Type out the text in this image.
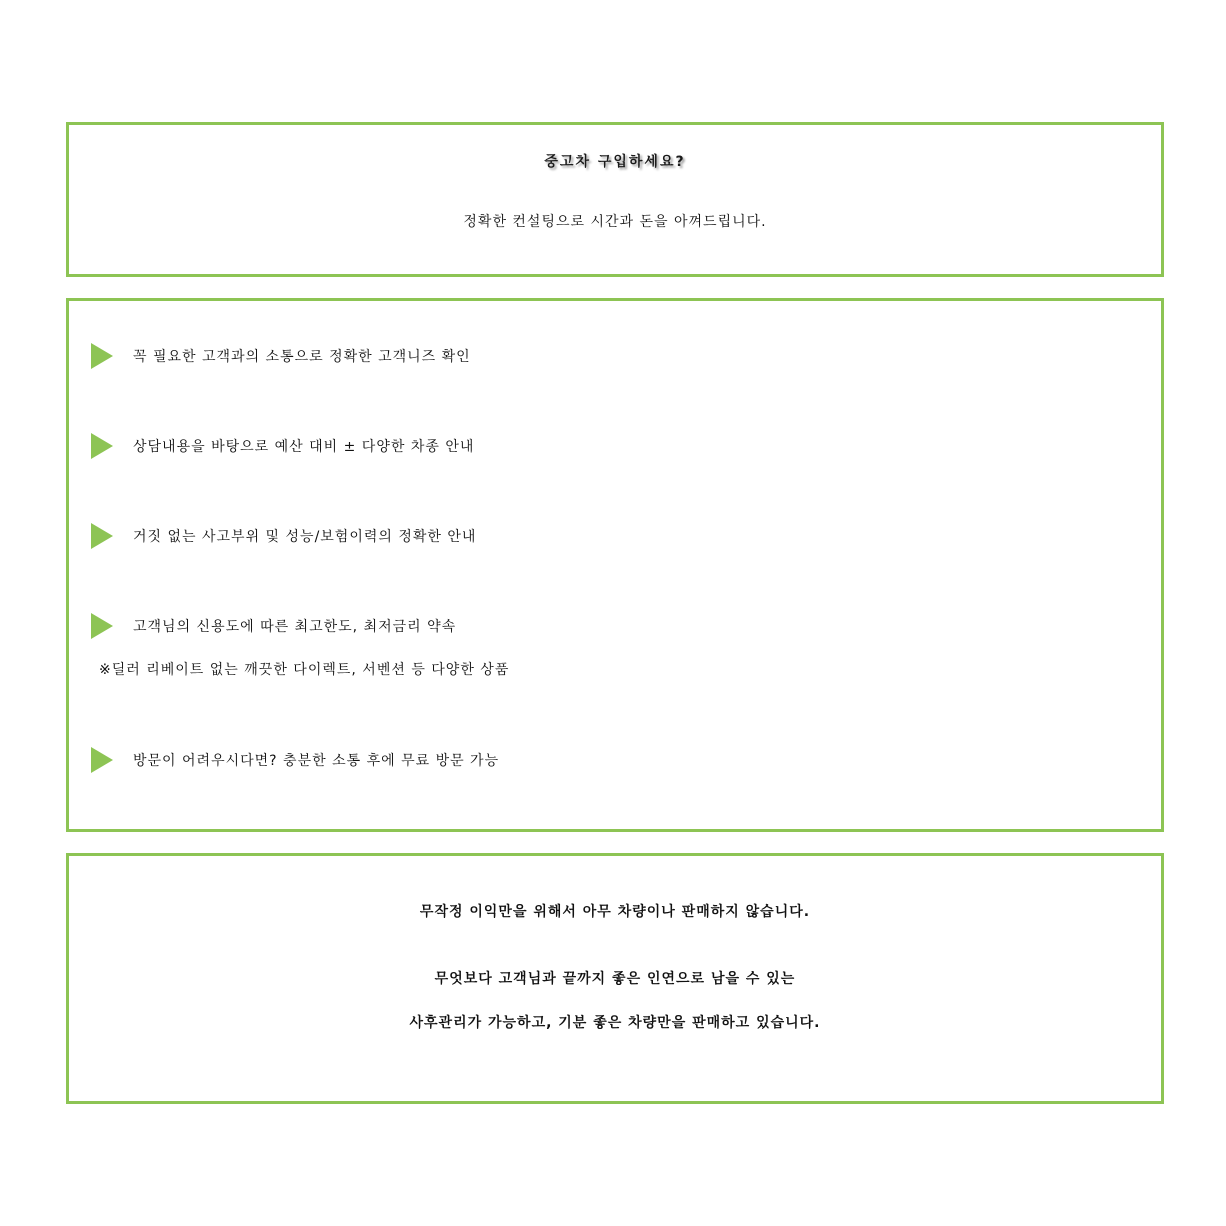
중고차 구입하세요?
정확한 컨설팅으로 시간과 돈을 아껴드립니다.
꼭 필요한 고객과의 소통으로 정확한 고객니즈 확인
상담내용을 바탕으로 예산 대비 ± 다양한 차종 안내
거짓 없는 사고부위 및 성능/보험이력의 정확한 안내
고객님의 신용도에 따른 최고한도, 최저금리 약속
※딜러 리베이트 없는 깨끗한 다이렉트, 서벤션 등 다양한 상품
방문이 어려우시다면? 충분한 소통 후에 무료 방문 가능
무작정 이익만을 위해서 아무 차량이나 판매하지 않습니다.
무엇보다 고객님과 끝까지 좋은 인연으로 남을 수 있는
사후관리가 가능하고, 기분 좋은 차량만을 판매하고 있습니다.
